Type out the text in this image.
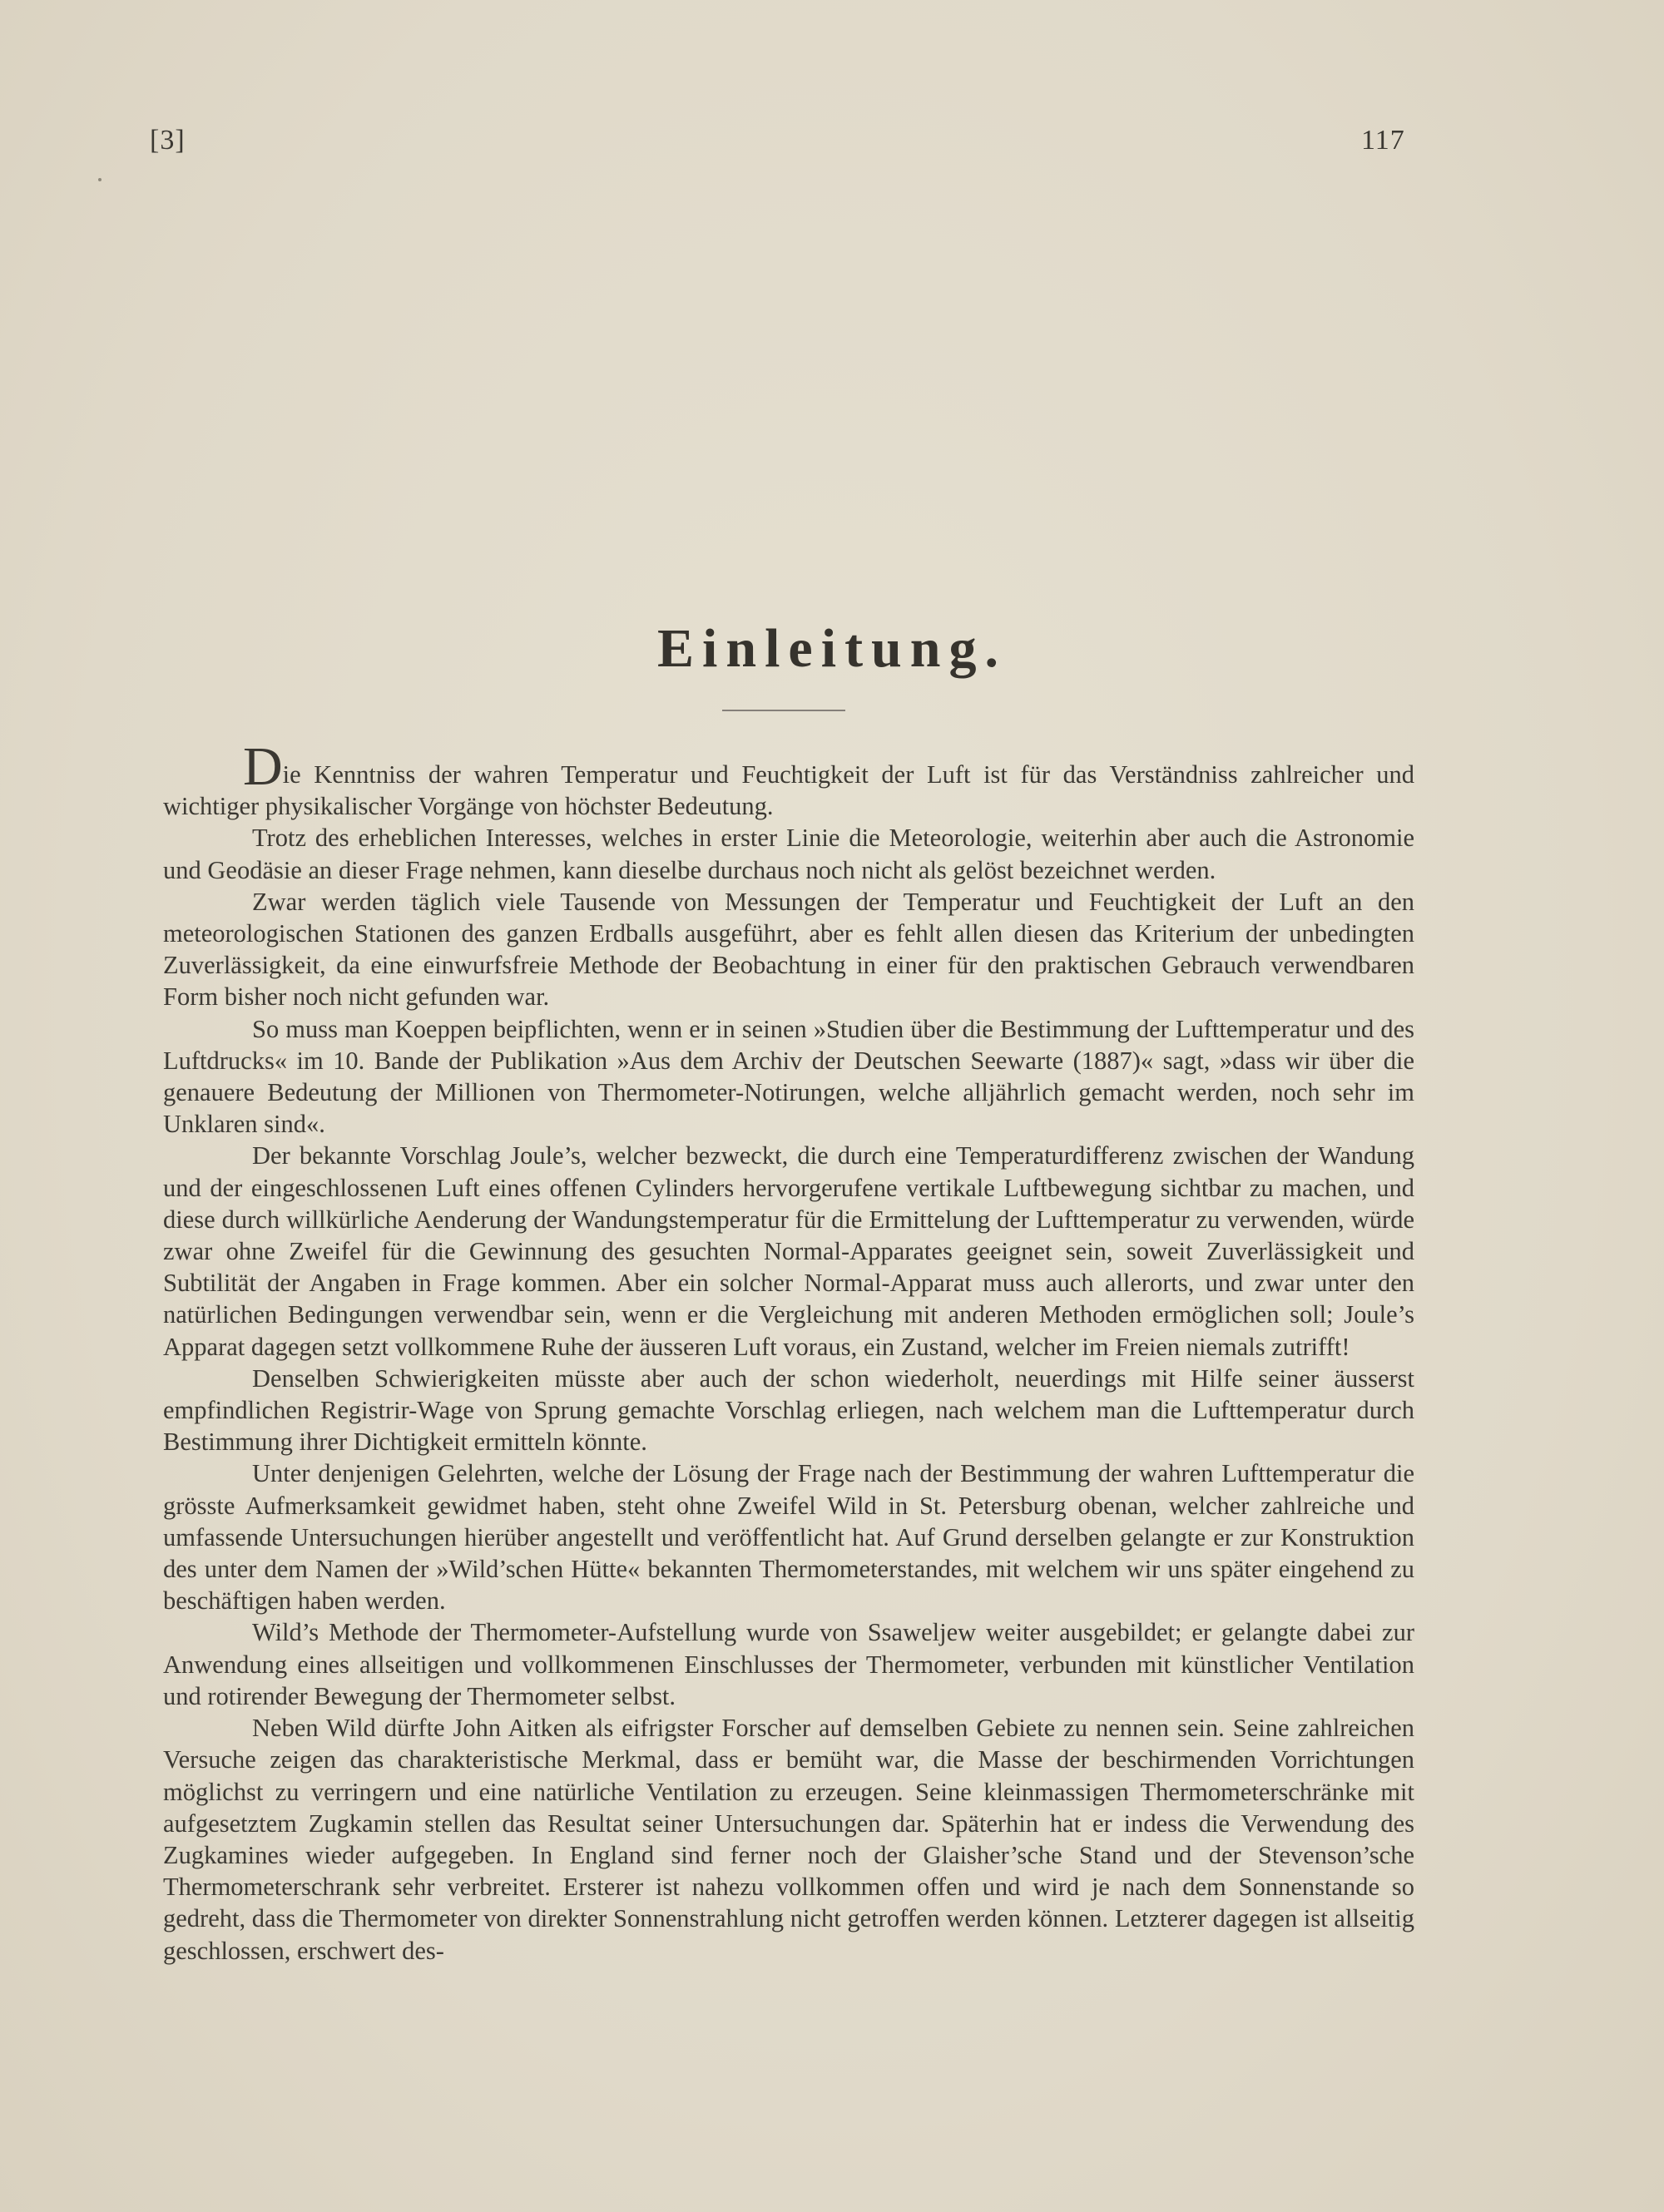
[3]	117
Einleitung.

Die Kenntniss der wahren Temperatur und Feuchtigkeit der Luft ist für das Verständniss zahlreicher und wichtiger physikalischer Vorgänge von höchster Bedeutung.

Trotz des erheblichen Interesses, welches in erster Linie die Meteorologie, weiterhin aber auch die Astronomie und Geodäsie an dieser Frage nehmen, kann dieselbe durchaus noch nicht als gelöst bezeichnet werden.

Zwar werden täglich viele Tausende von Messungen der Temperatur und Feuchtigkeit der Luft an den meteorologischen Stationen des ganzen Erdballs ausgeführt, aber es fehlt allen diesen das Kriterium der unbedingten Zuverlässigkeit, da eine einwurfsfreie Methode der Beobachtung in einer für den praktischen Gebrauch verwendbaren Form bisher noch nicht gefunden war.

So muss man Koeppen beipflichten, wenn er in seinen »Studien über die Bestimmung der Lufttemperatur und des Luftdrucks« im 10. Bande der Publikation »Aus dem Archiv der Deutschen Seewarte (1887)« sagt, »dass wir über die genauere Bedeutung der Millionen von Thermometer-Notirungen, welche alljährlich gemacht werden, noch sehr im Unklaren sind«.

Der bekannte Vorschlag Joule’s, welcher bezweckt, die durch eine Temperaturdifferenz zwischen der Wandung und der eingeschlossenen Luft eines offenen Cylinders hervorgerufene vertikale Luftbewegung sichtbar zu machen, und diese durch willkürliche Aenderung der Wandungstemperatur für die Ermittelung der Lufttemperatur zu verwenden, würde zwar ohne Zweifel für die Gewinnung des gesuchten Normal-Apparates geeignet sein, soweit Zuverlässigkeit und Subtilität der Angaben in Frage kommen. Aber ein solcher Normal-Apparat muss auch allerorts, und zwar unter den natürlichen Bedingungen verwendbar sein, wenn er die Vergleichung mit anderen Methoden ermöglichen soll; Joule’s Apparat dagegen setzt vollkommene Ruhe der äusseren Luft voraus, ein Zustand, welcher im Freien niemals zutrifft!

Denselben Schwierigkeiten müsste aber auch der schon wiederholt, neuerdings mit Hilfe seiner äusserst empfindlichen Registrir-Wage von Sprung gemachte Vorschlag erliegen, nach welchem man die Lufttemperatur durch Bestimmung ihrer Dichtigkeit ermitteln könnte.

Unter denjenigen Gelehrten, welche der Lösung der Frage nach der Bestimmung der wahren Lufttemperatur die grösste Aufmerksamkeit gewidmet haben, steht ohne Zweifel Wild in St. Petersburg obenan, welcher zahlreiche und umfassende Untersuchungen hierüber angestellt und veröffentlicht hat. Auf Grund derselben gelangte er zur Konstruktion des unter dem Namen der »Wild’schen Hütte« bekannten Thermometerstandes, mit welchem wir uns später eingehend zu beschäftigen haben werden.

Wild’s Methode der Thermometer-Aufstellung wurde von Ssaweljew weiter ausgebildet; er gelangte dabei zur Anwendung eines allseitigen und vollkommenen Einschlusses der Thermometer, verbunden mit künstlicher Ventilation und rotirender Bewegung der Thermometer selbst.

Neben Wild dürfte John Aitken als eifrigster Forscher auf demselben Gebiete zu nennen sein. Seine zahlreichen Versuche zeigen das charakteristische Merkmal, dass er bemüht war, die Masse der beschirmenden Vorrichtungen möglichst zu verringern und eine natürliche Ventilation zu erzeugen. Seine kleinmassigen Thermometerschränke mit aufgesetztem Zugkamin stellen das Resultat seiner Untersuchungen dar. Späterhin hat er indess die Verwendung des Zugkamines wieder aufgegeben. In England sind ferner noch der Glaisher’sche Stand und der Stevenson’sche Thermometerschrank sehr verbreitet. Ersterer ist nahezu vollkommen offen und wird je nach dem Sonnenstande so gedreht, dass die Thermometer von direkter Sonnenstrahlung nicht getroffen werden können. Letzterer dagegen ist allseitig geschlossen, erschwert des-
